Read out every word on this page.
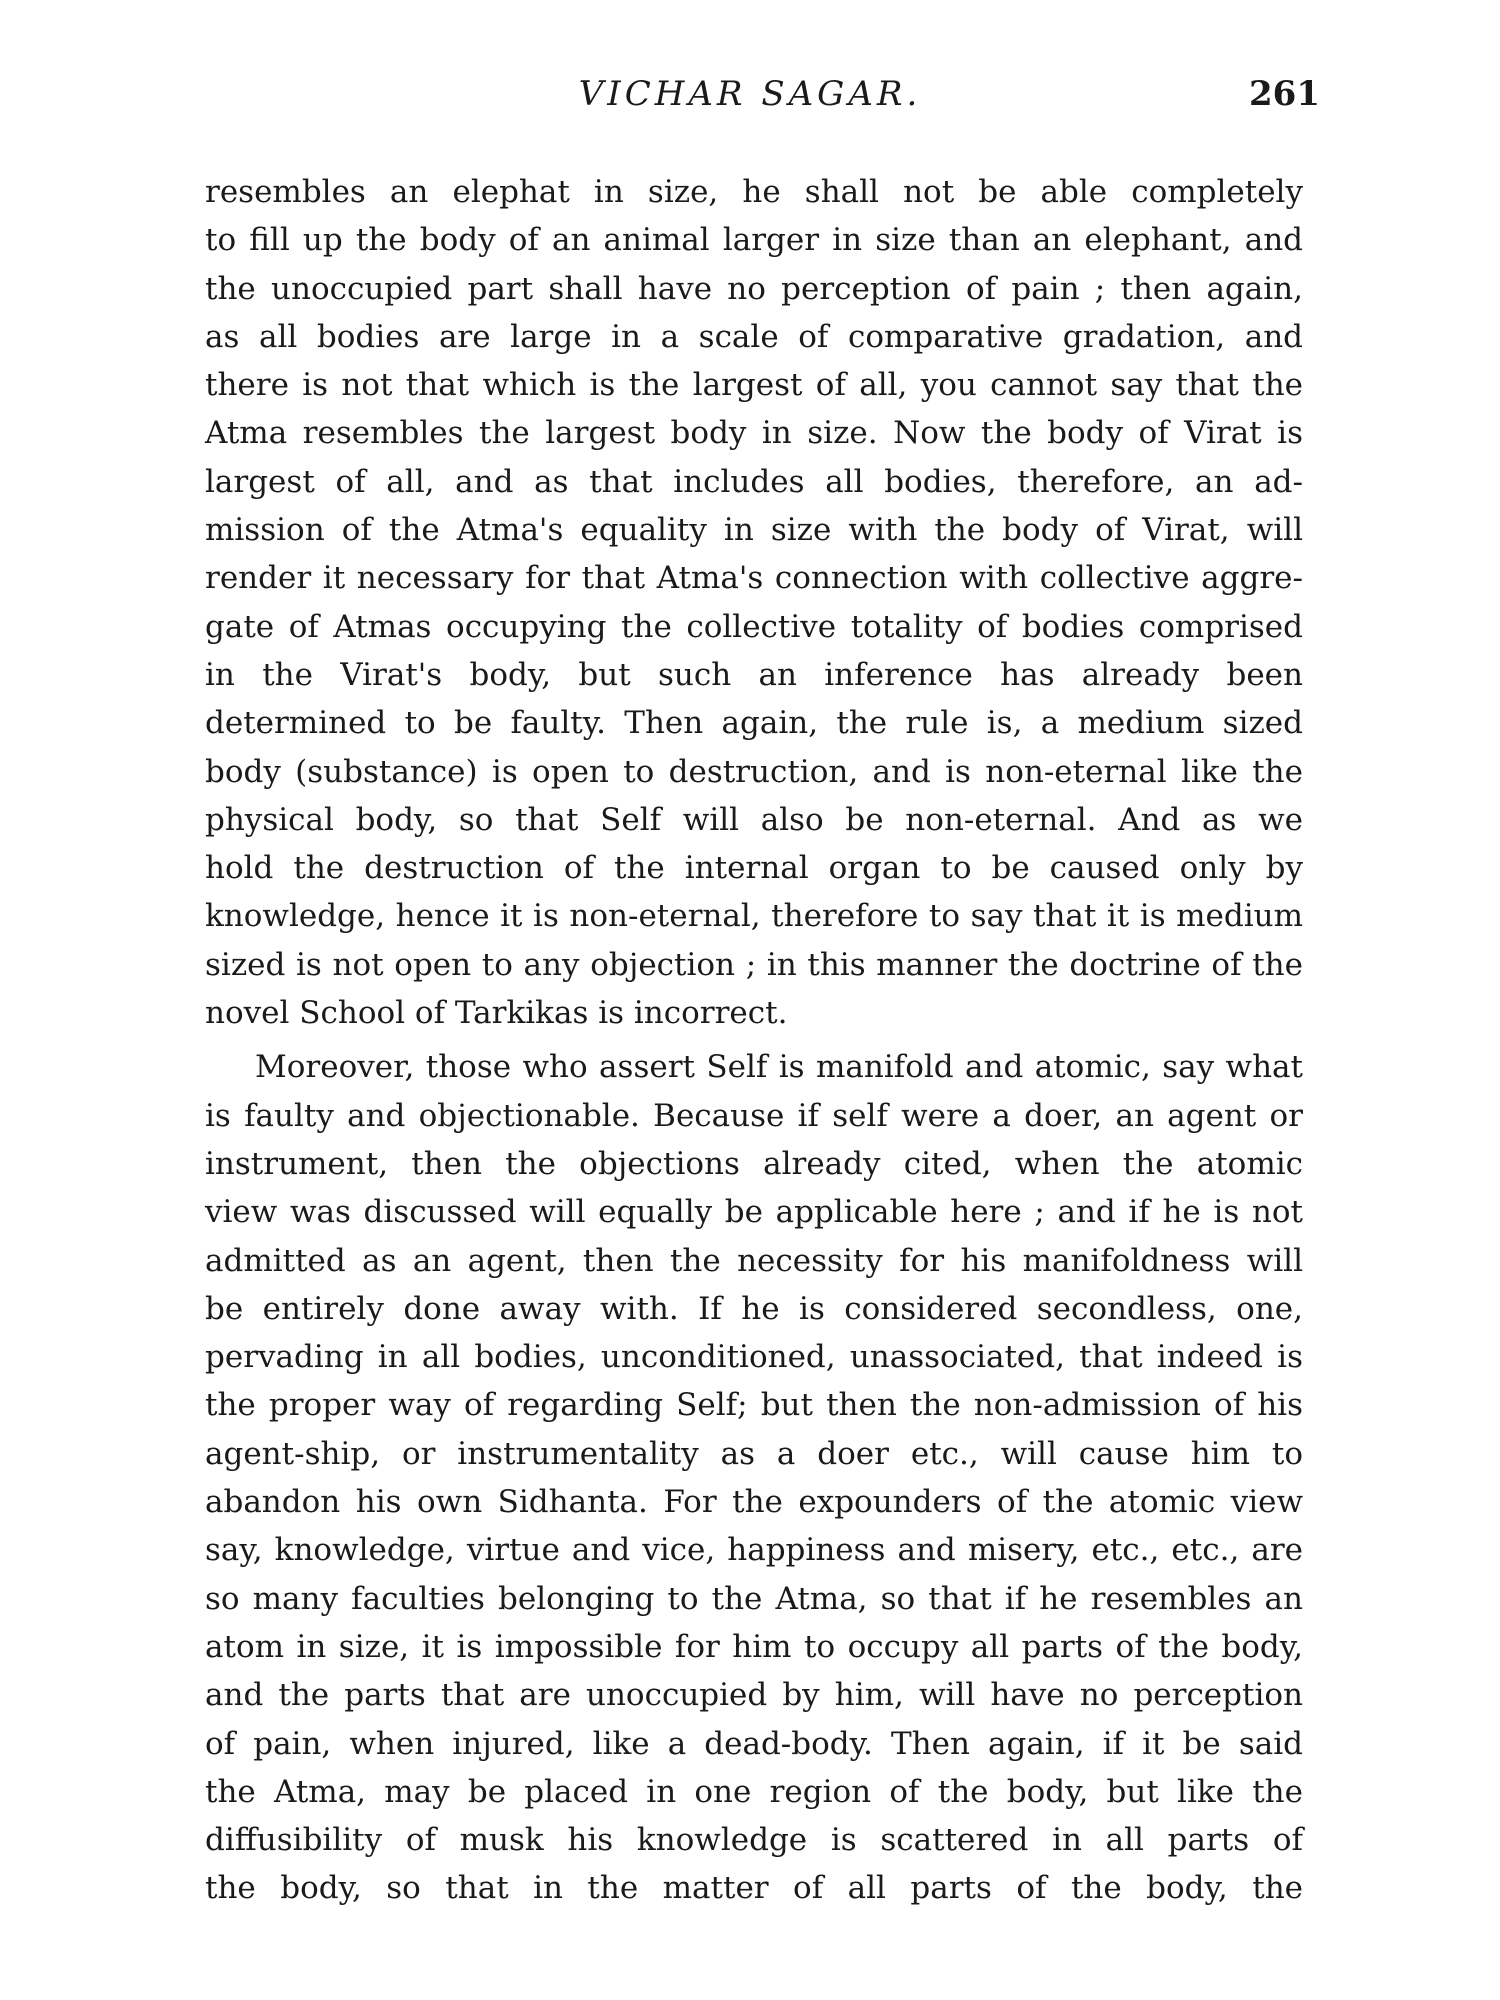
VICHAR SAGAR.	261
resembles an elephat in size, he shall not be able completely
to fill up the body of an animal larger in size than an elephant, and
the unoccupied part shall have no perception of pain ; then again,
as all bodies are large in a scale of comparative gradation, and
there is not that which is the largest of all, you cannot say that the
Atma resembles the largest body in size. Now the body of Virat is
largest of all, and as that includes all bodies, therefore, an ad-
mission of the Atma's equality in size with the body of Virat, will
render it necessary for that Atma's connection with collective aggre-
gate of Atmas occupying the collective totality of bodies comprised
in the Virat's body, but such an inference has already been
determined to be faulty. Then again, the rule is, a medium sized
body (substance) is open to destruction, and is non-eternal like the
physical body, so that Self will also be non-eternal. And as we
hold the destruction of the internal organ to be caused only by
knowledge, hence it is non-eternal, therefore to say that it is medium
sized is not open to any objection ; in this manner the doctrine of the
novel School of Tarkikas is incorrect.
Moreover, those who assert Self is manifold and atomic, say what
is faulty and objectionable. Because if self were a doer, an agent or
instrument, then the objections already cited, when the atomic
view was discussed will equally be applicable here ; and if he is not
admitted as an agent, then the necessity for his manifoldness will
be entirely done away with. If he is considered secondless, one,
pervading in all bodies, unconditioned, unassociated, that indeed is
the proper way of regarding Self; but then the non-admission of his
agent-ship, or instrumentality as a doer etc., will cause him to
abandon his own Sidhanta. For the expounders of the atomic view
say, knowledge, virtue and vice, happiness and misery, etc., etc., are
so many faculties belonging to the Atma, so that if he resembles an
atom in size, it is impossible for him to occupy all parts of the body,
and the parts that are unoccupied by him, will have no perception
of pain, when injured, like a dead-body. Then again, if it be said
the Atma, may be placed in one region of the body, but like the
diffusibility of musk his knowledge is scattered in all parts of
the body, so that in the matter of all parts of the body, the
